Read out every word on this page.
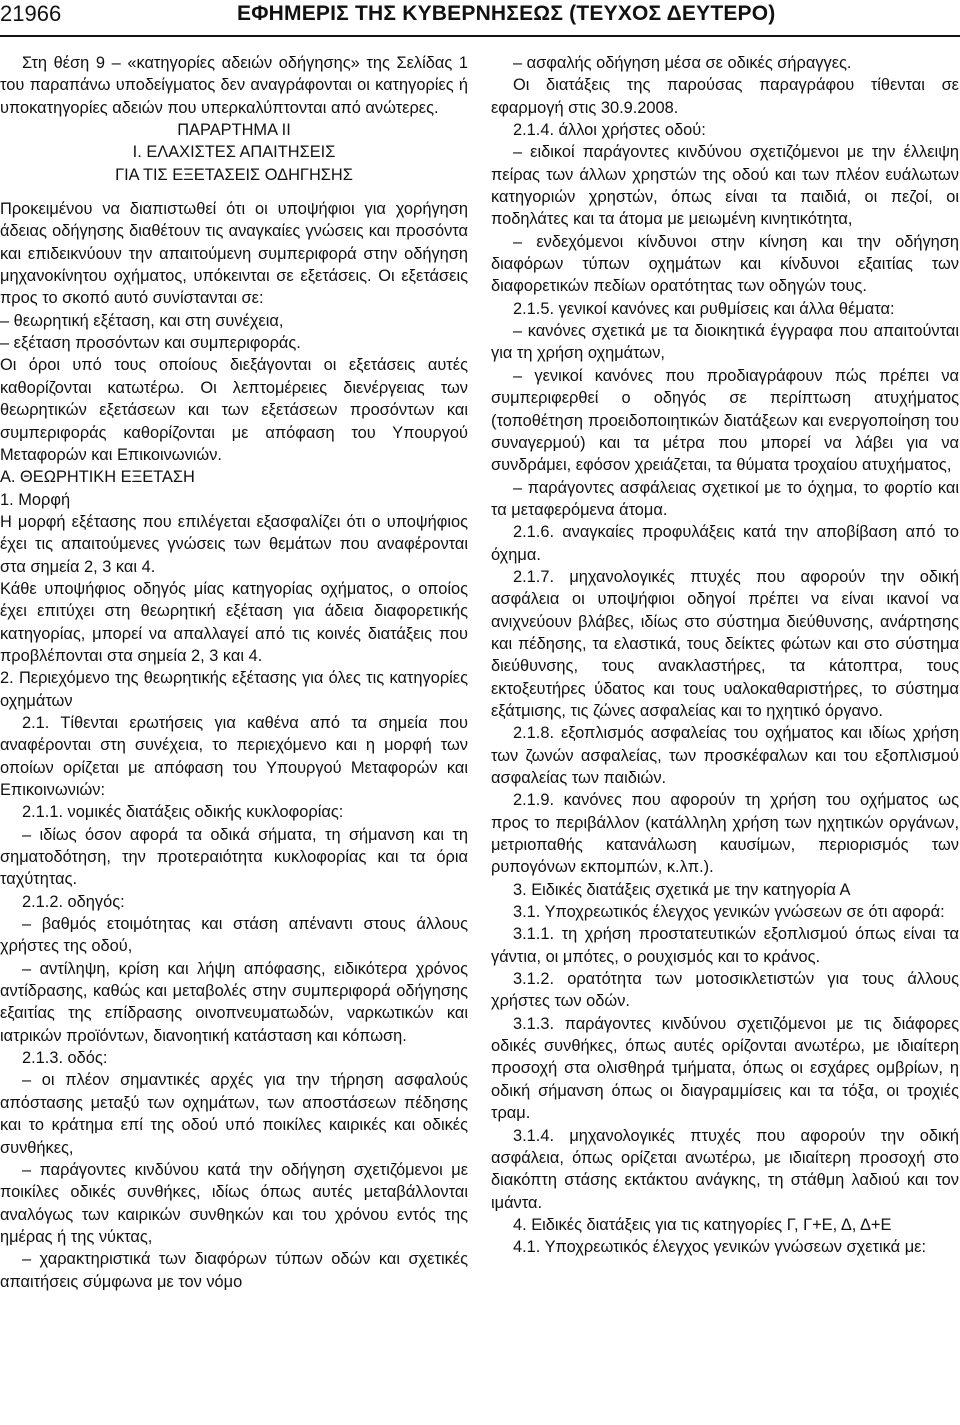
21966	ΕΦΗΜΕΡΙΣ ΤΗΣ ΚΥΒΕΡΝΗΣΕΩΣ (ΤΕΥΧΟΣ ΔΕΥΤΕΡΟ)

Στη θέση 9 – «κατηγορίες αδειών οδήγησης» της Σελίδας 1 του παραπάνω υποδείγματος δεν αναγράφονται οι κατηγορίες ή υποκατηγορίες αδειών που υπερκαλύπτονται από ανώτερες.

ΠΑΡΑΡΤΗΜΑ ΙΙ

Ι. ΕΛΑΧΙΣΤΕΣ ΑΠΑΙΤΗΣΕΙΣ

ΓΙΑ ΤΙΣ ΕΞΕΤΑΣΕΙΣ ΟΔΗΓΗΣΗΣ

Προκειμένου να διαπιστωθεί ότι οι υποψήφιοι για χορήγηση άδειας οδήγησης διαθέτουν τις αναγκαίες γνώσεις και προσόντα και επιδεικνύουν την απαιτούμενη συμπεριφορά στην οδήγηση μηχανοκίνητου οχήματος, υπόκεινται σε εξετάσεις. Οι εξετάσεις προς το σκοπό αυτό συνίστανται σε:

– θεωρητική εξέταση, και στη συνέχεια,

– εξέταση προσόντων και συμπεριφοράς.

Οι όροι υπό τους οποίους διεξάγονται οι εξετάσεις αυτές καθορίζονται κατωτέρω. Οι λεπτομέρειες διενέργειας των θεωρητικών εξετάσεων και των εξετάσεων προσόντων και συμπεριφοράς καθορίζονται με απόφαση του Υπουργού Μεταφορών και Επικοινωνιών.

Α. ΘΕΩΡΗΤΙΚΗ ΕΞΕΤΑΣΗ

1. Μορφή

Η μορφή εξέτασης που επιλέγεται εξασφαλίζει ότι ο υποψήφιος έχει τις απαιτούμενες γνώσεις των θεμάτων που αναφέρονται στα σημεία 2, 3 και 4.

Κάθε υποψήφιος οδηγός μίας κατηγορίας οχήματος, ο οποίος έχει επιτύχει στη θεωρητική εξέταση για άδεια διαφορετικής κατηγορίας, μπορεί να απαλλαγεί από τις κοινές διατάξεις που προβλέπονται στα σημεία 2, 3 και 4.

2. Περιεχόμενο της θεωρητικής εξέτασης για όλες τις κατηγορίες οχημάτων

2.1. Τίθενται ερωτήσεις για καθένα από τα σημεία που αναφέρονται στη συνέχεια, το περιεχόμενο και η μορφή των οποίων ορίζεται με απόφαση του Υπουργού Μεταφορών και Επικοινωνιών:

2.1.1. νομικές διατάξεις οδικής κυκλοφορίας:

– ιδίως όσον αφορά τα οδικά σήματα, τη σήμανση και τη σηματοδότηση, την προτεραιότητα κυκλοφορίας και τα όρια ταχύτητας.

2.1.2. οδηγός:

– βαθμός ετοιμότητας και στάση απέναντι στους άλλους χρήστες της οδού,

– αντίληψη, κρίση και λήψη απόφασης, ειδικότερα χρόνος αντίδρασης, καθώς και μεταβολές στην συμπεριφορά οδήγησης εξαιτίας της επίδρασης οινοπνευματωδών, ναρκωτικών και ιατρικών προϊόντων, διανοητική κατάσταση και κόπωση.

2.1.3. οδός:

– οι πλέον σημαντικές αρχές για την τήρηση ασφαλούς απόστασης μεταξύ των οχημάτων, των αποστάσεων πέδησης και το κράτημα επί της οδού υπό ποικίλες καιρικές και οδικές συνθήκες,

– παράγοντες κινδύνου κατά την οδήγηση σχετιζόμενοι με ποικίλες οδικές συνθήκες, ιδίως όπως αυτές μεταβάλλονται αναλόγως των καιρικών συνθηκών και του χρόνου εντός της ημέρας ή της νύκτας,

– χαρακτηριστικά των διαφόρων τύπων οδών και σχετικές απαιτήσεις σύμφωνα με τον νόμο

– ασφαλής οδήγηση μέσα σε οδικές σήραγγες.

Οι διατάξεις της παρούσας παραγράφου τίθενται σε εφαρμογή στις 30.9.2008.

2.1.4. άλλοι χρήστες οδού:

– ειδικοί παράγοντες κινδύνου σχετιζόμενοι με την έλλειψη πείρας των άλλων χρηστών της οδού και των πλέον ευάλωτων κατηγοριών χρηστών, όπως είναι τα παιδιά, οι πεζοί, οι ποδηλάτες και τα άτομα με μειωμένη κινητικότητα,

– ενδεχόμενοι κίνδυνοι στην κίνηση και την οδήγηση διαφόρων τύπων οχημάτων και κίνδυνοι εξαιτίας των διαφορετικών πεδίων ορατότητας των οδηγών τους.

2.1.5. γενικοί κανόνες και ρυθμίσεις και άλλα θέματα:

– κανόνες σχετικά με τα διοικητικά έγγραφα που απαιτούνται για τη χρήση οχημάτων,

– γενικοί κανόνες που προδιαγράφουν πώς πρέπει να συμπεριφερθεί ο οδηγός σε περίπτωση ατυχήματος (τοποθέτηση προειδοποιητικών διατάξεων και ενεργοποίηση του συναγερμού) και τα μέτρα που μπορεί να λάβει για να συνδράμει, εφόσον χρειάζεται, τα θύματα τροχαίου ατυχήματος,

– παράγοντες ασφάλειας σχετικοί με το όχημα, το φορτίο και τα μεταφερόμενα άτομα.

2.1.6. αναγκαίες προφυλάξεις κατά την αποβίβαση από το όχημα.

2.1.7. μηχανολογικές πτυχές που αφορούν την οδική ασφάλεια οι υποψήφιοι οδηγοί πρέπει να είναι ικανοί να ανιχνεύουν βλάβες, ιδίως στο σύστημα διεύθυνσης, ανάρτησης και πέδησης, τα ελαστικά, τους δείκτες φώτων και στο σύστημα διεύθυνσης, τους ανακλαστήρες, τα κάτοπτρα, τους εκτοξευτήρες ύδατος και τους υαλοκαθαριστήρες, το σύστημα εξάτμισης, τις ζώνες ασφαλείας και το ηχητικό όργανο.

2.1.8. εξοπλισμός ασφαλείας του οχήματος και ιδίως χρήση των ζωνών ασφαλείας, των προσκέφαλων και του εξοπλισμού ασφαλείας των παιδιών.

2.1.9. κανόνες που αφορούν τη χρήση του οχήματος ως προς το περιβάλλον (κατάλληλη χρήση των ηχητικών οργάνων, μετριοπαθής κατανάλωση καυσίμων, περιορισμός των ρυπογόνων εκπομπών, κ.λπ.).

3. Ειδικές διατάξεις σχετικά με την κατηγορία Α

3.1. Υποχρεωτικός έλεγχος γενικών γνώσεων σε ότι αφορά:

3.1.1. τη χρήση προστατευτικών εξοπλισμού όπως είναι τα γάντια, οι μπότες, ο ρουχισμός και το κράνος.

3.1.2. ορατότητα των μοτοσικλετιστών για τους άλλους χρήστες των οδών.

3.1.3. παράγοντες κινδύνου σχετιζόμενοι με τις διάφορες οδικές συνθήκες, όπως αυτές ορίζονται ανωτέρω, με ιδιαίτερη προσοχή στα ολισθηρά τμήματα, όπως οι εσχάρες ομβρίων, η οδική σήμανση όπως οι διαγραμμίσεις και τα τόξα, οι τροχιές τραμ.

3.1.4. μηχανολογικές πτυχές που αφορούν την οδική ασφάλεια, όπως ορίζεται ανωτέρω, με ιδιαίτερη προσοχή στο διακόπτη στάσης εκτάκτου ανάγκης, τη στάθμη λαδιού και τον ιμάντα.

4. Ειδικές διατάξεις για τις κατηγορίες Γ, Γ+Ε, Δ, Δ+Ε

4.1. Υποχρεωτικός έλεγχος γενικών γνώσεων σχετικά με:
